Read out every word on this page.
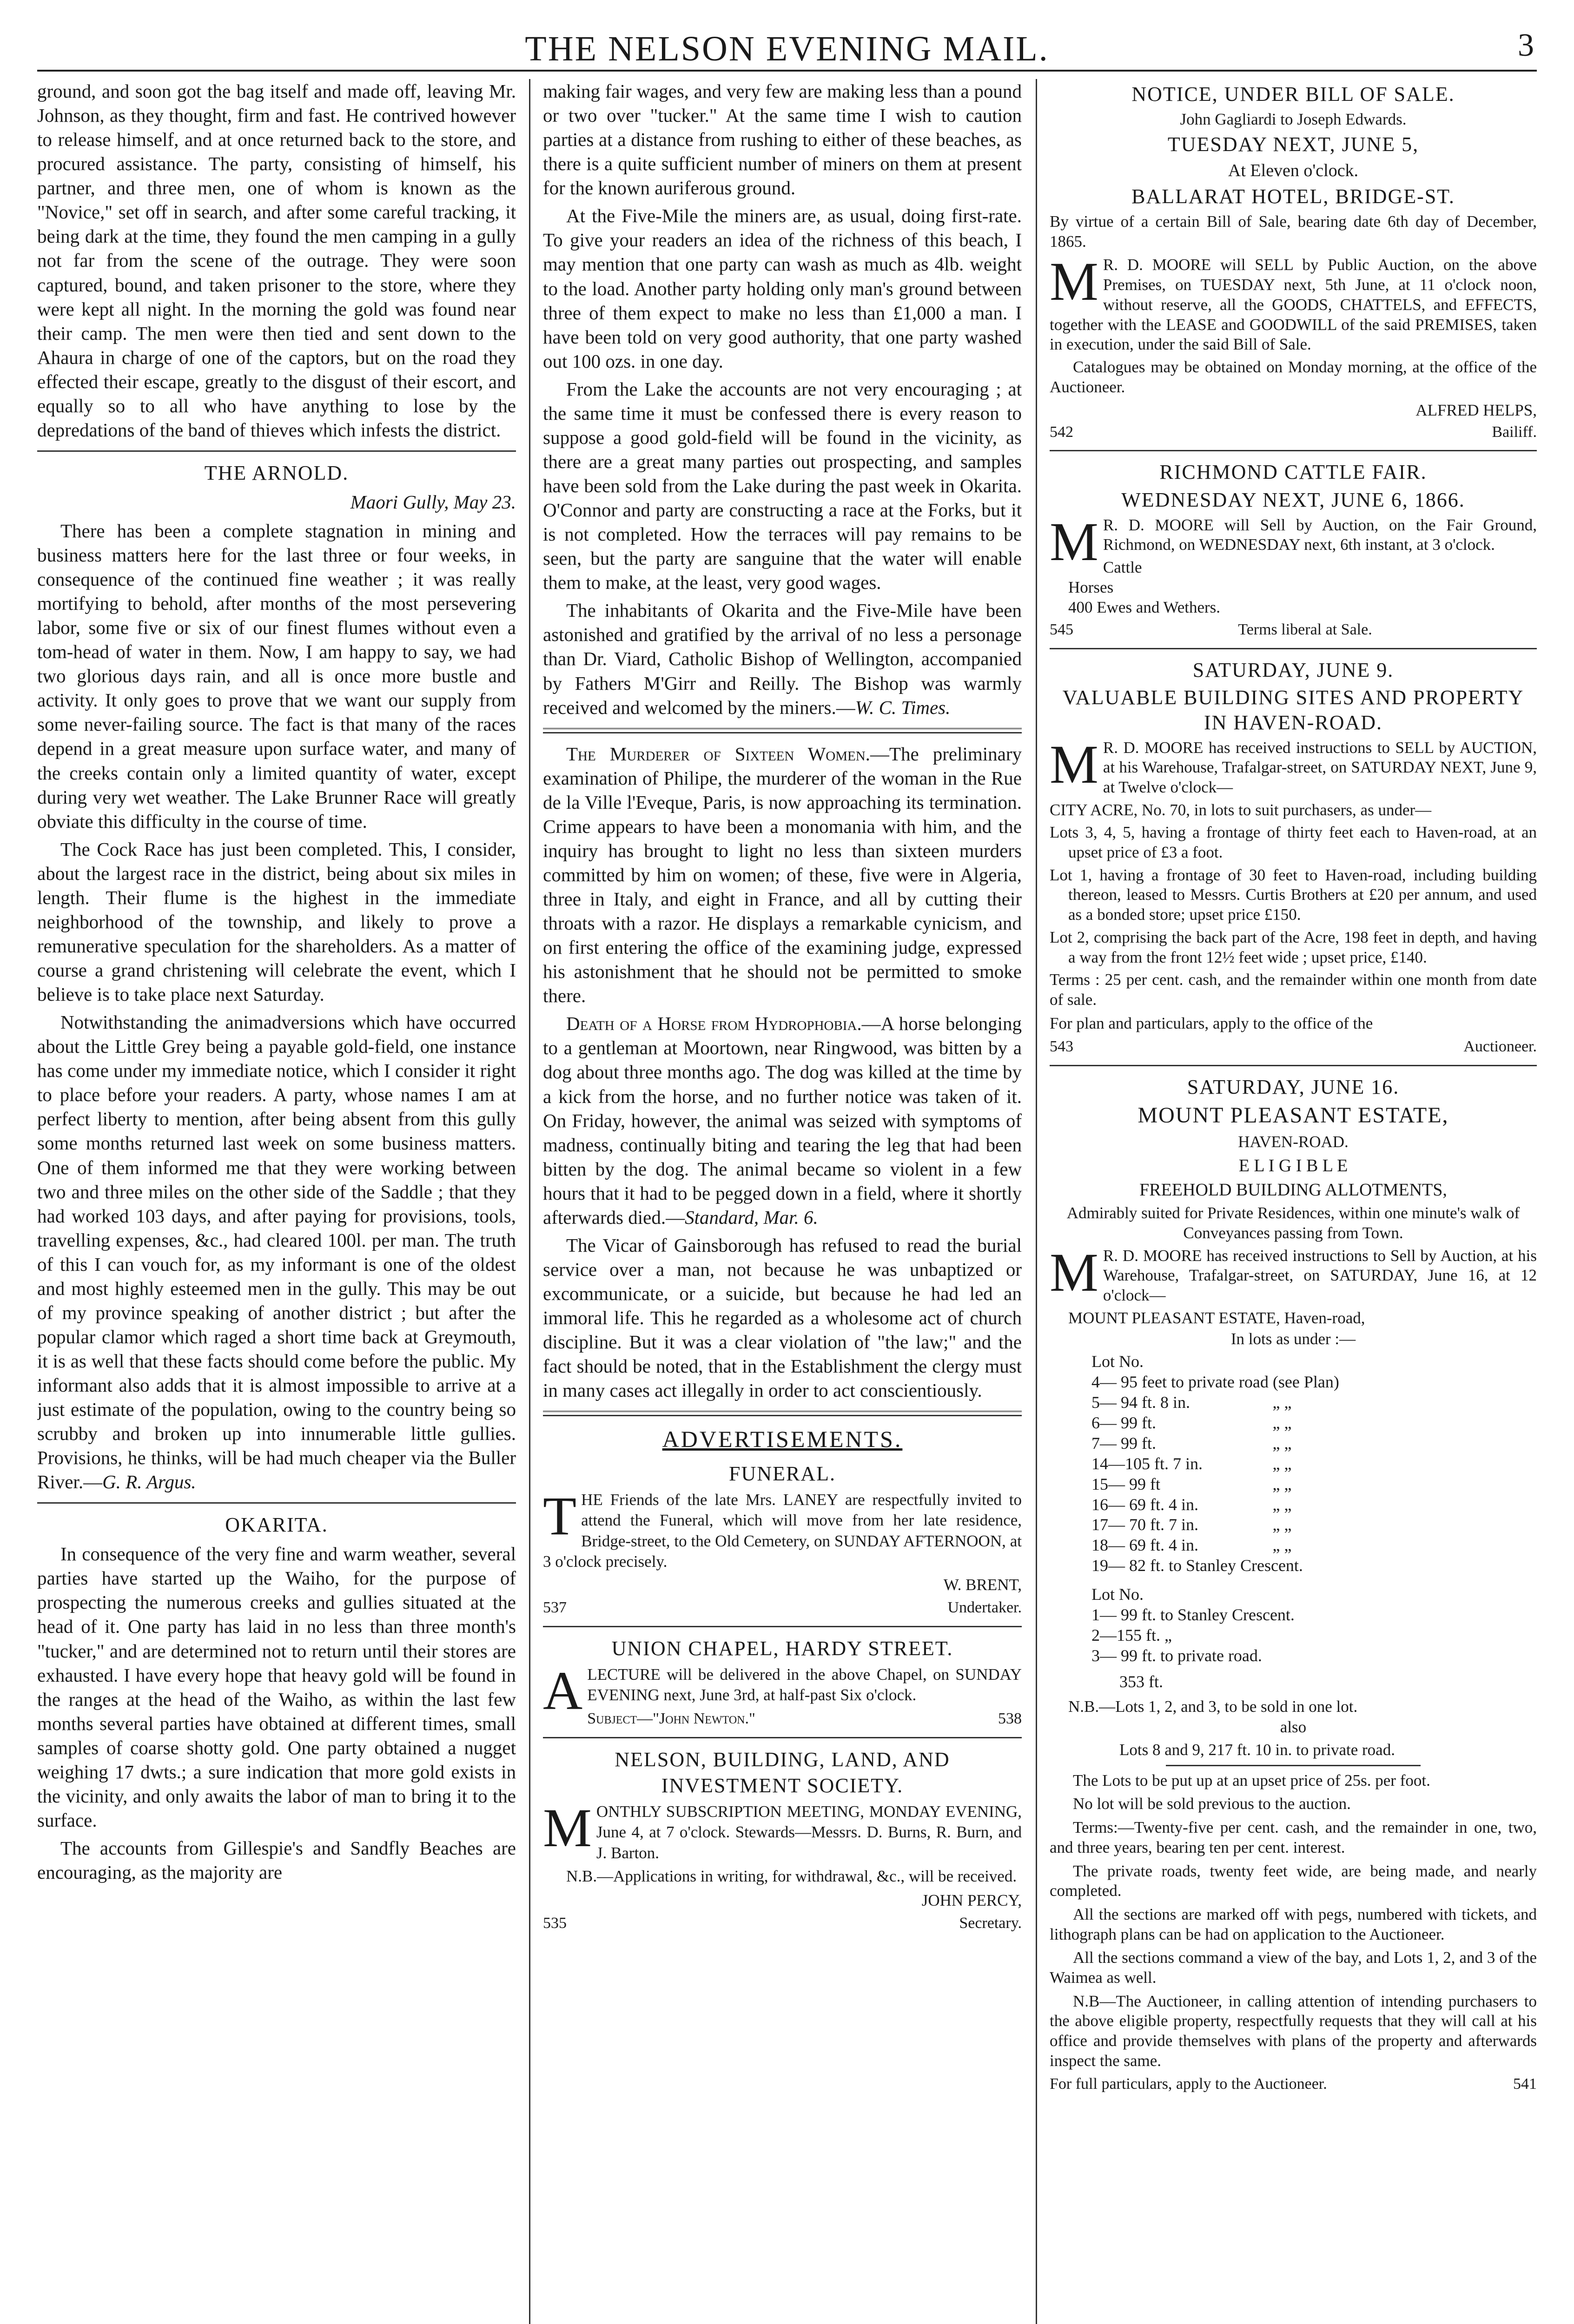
THE NELSON EVENING MAIL.	3

ground, and soon got the bag itself and made off, leaving Mr. Johnson, as they thought, firm and fast. He contrived however to release himself, and at once returned back to the store, and procured assistance. The party, consisting of himself, his partner, and three men, one of whom is known as the "Novice," set off in search, and after some careful tracking, it being dark at the time, they found the men camping in a gully not far from the scene of the outrage. They were soon captured, bound, and taken prisoner to the store, where they were kept all night. In the morning the gold was found near their camp. The men were then tied and sent down to the Ahaura in charge of one of the captors, but on the road they effected their escape, greatly to the disgust of their escort, and equally so to all who have anything to lose by the depredations of the band of thieves which infests the district.

THE ARNOLD.
Maori Gully, May 23.

There has been a complete stagnation in mining and business matters here for the last three or four weeks, in consequence of the continued fine weather ; it was really mortifying to behold, after months of the most persevering labor, some five or six of our finest flumes without even a tom-head of water in them. Now, I am happy to say, we had two glorious days rain, and all is once more bustle and activity. It only goes to prove that we want our supply from some never-failing source. The fact is that many of the races depend in a great measure upon surface water, and many of the creeks contain only a limited quantity of water, except during very wet weather. The Lake Brunner Race will greatly obviate this difficulty in the course of time.

The Cock Race has just been completed. This, I consider, about the largest race in the district, being about six miles in length. Their flume is the highest in the immediate neighborhood of the township, and likely to prove a remunerative speculation for the shareholders. As a matter of course a grand christening will celebrate the event, which I believe is to take place next Saturday.

Notwithstanding the animadversions which have occurred about the Little Grey being a payable gold-field, one instance has come under my immediate notice, which I consider it right to place before your readers. A party, whose names I am at perfect liberty to mention, after being absent from this gully some months returned last week on some business matters. One of them informed me that they were working between two and three miles on the other side of the Saddle ; that they had worked 103 days, and after paying for provisions, tools, travelling expenses, &c., had cleared 100l. per man. The truth of this I can vouch for, as my informant is one of the oldest and most highly esteemed men in the gully. This may be out of my province speaking of another district ; but after the popular clamor which raged a short time back at Greymouth, it is as well that these facts should come before the public. My informant also adds that it is almost impossible to arrive at a just estimate of the population, owing to the country being so scrubby and broken up into innumerable little gullies. Provisions, he thinks, will be had much cheaper via the Buller River.—G. R. Argus.

OKARITA.

In consequence of the very fine and warm weather, several parties have started up the Waiho, for the purpose of prospecting the numerous creeks and gullies situated at the head of it. One party has laid in no less than three month's "tucker," and are determined not to return until their stores are exhausted. I have every hope that heavy gold will be found in the ranges at the head of the Waiho, as within the last few months several parties have obtained at different times, small samples of coarse shotty gold. One party obtained a nugget weighing 17 dwts.; a sure indication that more gold exists in the vicinity, and only awaits the labor of man to bring it to the surface.

The accounts from Gillespie's and Sandfly Beaches are encouraging, as the majority are

making fair wages, and very few are making less than a pound or two over "tucker." At the same time I wish to caution parties at a distance from rushing to either of these beaches, as there is a quite sufficient number of miners on them at present for the known auriferous ground.

At the Five-Mile the miners are, as usual, doing first-rate. To give your readers an idea of the richness of this beach, I may mention that one party can wash as much as 4lb. weight to the load. Another party holding only man's ground between three of them expect to make no less than £1,000 a man. I have been told on very good authority, that one party washed out 100 ozs. in one day.

From the Lake the accounts are not very encouraging ; at the same time it must be confessed there is every reason to suppose a good gold-field will be found in the vicinity, as there are a great many parties out prospecting, and samples have been sold from the Lake during the past week in Okarita. O'Connor and party are constructing a race at the Forks, but it is not completed. How the terraces will pay remains to be seen, but the party are sanguine that the water will enable them to make, at the least, very good wages.

The inhabitants of Okarita and the Five-Mile have been astonished and gratified by the arrival of no less a personage than Dr. Viard, Catholic Bishop of Wellington, accompanied by Fathers M'Girr and Reilly. The Bishop was warmly received and welcomed by the miners.—W. C. Times.

The Murderer of Sixteen Women.—The preliminary examination of Philipe, the murderer of the woman in the Rue de la Ville l'Eveque, Paris, is now approaching its termination. Crime appears to have been a monomania with him, and the inquiry has brought to light no less than sixteen murders committed by him on women; of these, five were in Algeria, three in Italy, and eight in France, and all by cutting their throats with a razor. He displays a remarkable cynicism, and on first entering the office of the examining judge, expressed his astonishment that he should not be permitted to smoke there.

Death of a Horse from Hydrophobia.—A horse belonging to a gentleman at Moortown, near Ringwood, was bitten by a dog about three months ago. The dog was killed at the time by a kick from the horse, and no further notice was taken of it. On Friday, however, the animal was seized with symptoms of madness, continually biting and tearing the leg that had been bitten by the dog. The animal became so violent in a few hours that it had to be pegged down in a field, where it shortly afterwards died.—Standard, Mar. 6.

The Vicar of Gainsborough has refused to read the burial service over a man, not because he was unbaptized or excommunicate, or a suicide, but because he had led an immoral life. This he regarded as a wholesome act of church discipline. But it was a clear violation of "the law;" and the fact should be noted, that in the Establishment the clergy must in many cases act illegally in order to act conscientiously.

ADVERTISEMENTS.
FUNERAL.

THE Friends of the late Mrs. LANEY are respectfully invited to attend the Funeral, which will move from her late residence, Bridge-street, to the Old Cemetery, on SUNDAY AFTERNOON, at 3 o'clock precisely.

W. BRENT,
537	Undertaker.
UNION CHAPEL, HARDY STREET.

ALECTURE will be delivered in the above Chapel, on SUNDAY EVENING next, June 3rd, at half-past Six o'clock.

Subject—"John Newton."	538
NELSON, BUILDING, LAND, AND INVESTMENT SOCIETY.

MONTHLY SUBSCRIPTION MEETING, MONDAY EVENING, June 4, at 7 o'clock. Stewards—Messrs. D. Burns, R. Burn, and J. Barton.

N.B.—Applications in writing, for withdrawal, &c., will be received.

JOHN PERCY,
535	Secretary.
NOTICE, UNDER BILL OF SALE.
John Gagliardi to Joseph Edwards.
TUESDAY NEXT, JUNE 5,
At Eleven o'clock.
BALLARAT HOTEL, BRIDGE-ST.

By virtue of a certain Bill of Sale, bearing date 6th day of December, 1865.

M R. D. MOORE will SELL by Public Auction, on the above Premises, on TUESDAY next, 5th June, at 11 o'clock noon, without reserve, all the GOODS, CHATTELS, and EFFECTS, together with the LEASE and GOODWILL of the said PREMISES, taken in execution, under the said Bill of Sale.

Catalogues may be obtained on Monday morning, at the office of the Auctioneer.

ALFRED HELPS,
542	Bailiff.
RICHMOND CATTLE FAIR.
WEDNESDAY NEXT, JUNE 6, 1866.

M R. D. MOORE will Sell by Auction, on the Fair Ground, Richmond, on WEDNESDAY next, 6th instant, at 3 o'clock.

Cattle
Horses
400 Ewes and Wethers.
545	Terms liberal at Sale.
SATURDAY, JUNE 9.
VALUABLE BUILDING SITES AND PROPERTY IN HAVEN-ROAD.

M R. D. MOORE has received instructions to SELL by AUCTION, at his Warehouse, Trafalgar-street, on SATURDAY NEXT, June 9, at Twelve o'clock—

CITY ACRE, No. 70, in lots to suit purchasers, as under—
Lots 3, 4, 5, having a frontage of thirty feet each to Haven-road, at an upset price of £3 a foot.
Lot 1, having a frontage of 30 feet to Haven-road, including building thereon, leased to Messrs. Curtis Brothers at £20 per annum, and used as a bonded store; upset price £150.
Lot 2, comprising the back part of the Acre, 198 feet in depth, and having a way from the front 12½ feet wide ; upset price, £140.

Terms : 25 per cent. cash, and the remainder within one month from date of sale.

For plan and particulars, apply to the office of the

543	Auctioneer.
SATURDAY, JUNE 16.
MOUNT PLEASANT ESTATE,
HAVEN-ROAD.
E L I G I B L E
FREEHOLD BUILDING ALLOTMENTS,
Admirably suited for Private Residences, within one minute's walk of Conveyances passing from Town.

M R. D. MOORE has received instructions to Sell by Auction, at his Warehouse, Trafalgar-street, on SATURDAY, June 16, at 12 o'clock—

MOUNT PLEASANT ESTATE, Haven-road,
In lots as under :—
Lot No.
4— 95 feet to private road
(see Plan)
5— 94 ft. 8 in.	„ „
6— 99 ft.	„ „
7— 99 ft.	„ „
14—105 ft. 7 in.	„ „
15— 99 ft	„ „
16— 69 ft. 4 in.	„ „
17— 70 ft. 7 in.	„ „
18— 69 ft. 4 in.	„ „
19— 82 ft. to Stanley Crescent.
Lot No.
1— 99 ft. to Stanley Crescent.
2—155 ft. „
3— 99 ft. to private road.
353 ft.
N.B.—Lots 1, 2, and 3, to be sold in one lot.
also
Lots 8 and 9, 217 ft. 10 in. to private road.

The Lots to be put up at an upset price of 25s. per foot.

No lot will be sold previous to the auction.

Terms:—Twenty-five per cent. cash, and the remainder in one, two, and three years, bearing ten per cent. interest.

The private roads, twenty feet wide, are being made, and nearly completed.

All the sections are marked off with pegs, numbered with tickets, and lithograph plans can be had on application to the Auctioneer.

All the sections command a view of the bay, and Lots 1, 2, and 3 of the Waimea as well.

N.B—The Auctioneer, in calling attention of intending purchasers to the above eligible property, respectfully requests that they will call at his office and provide themselves with plans of the property and afterwards inspect the same.

For full particulars, apply to the Auctioneer.	541
